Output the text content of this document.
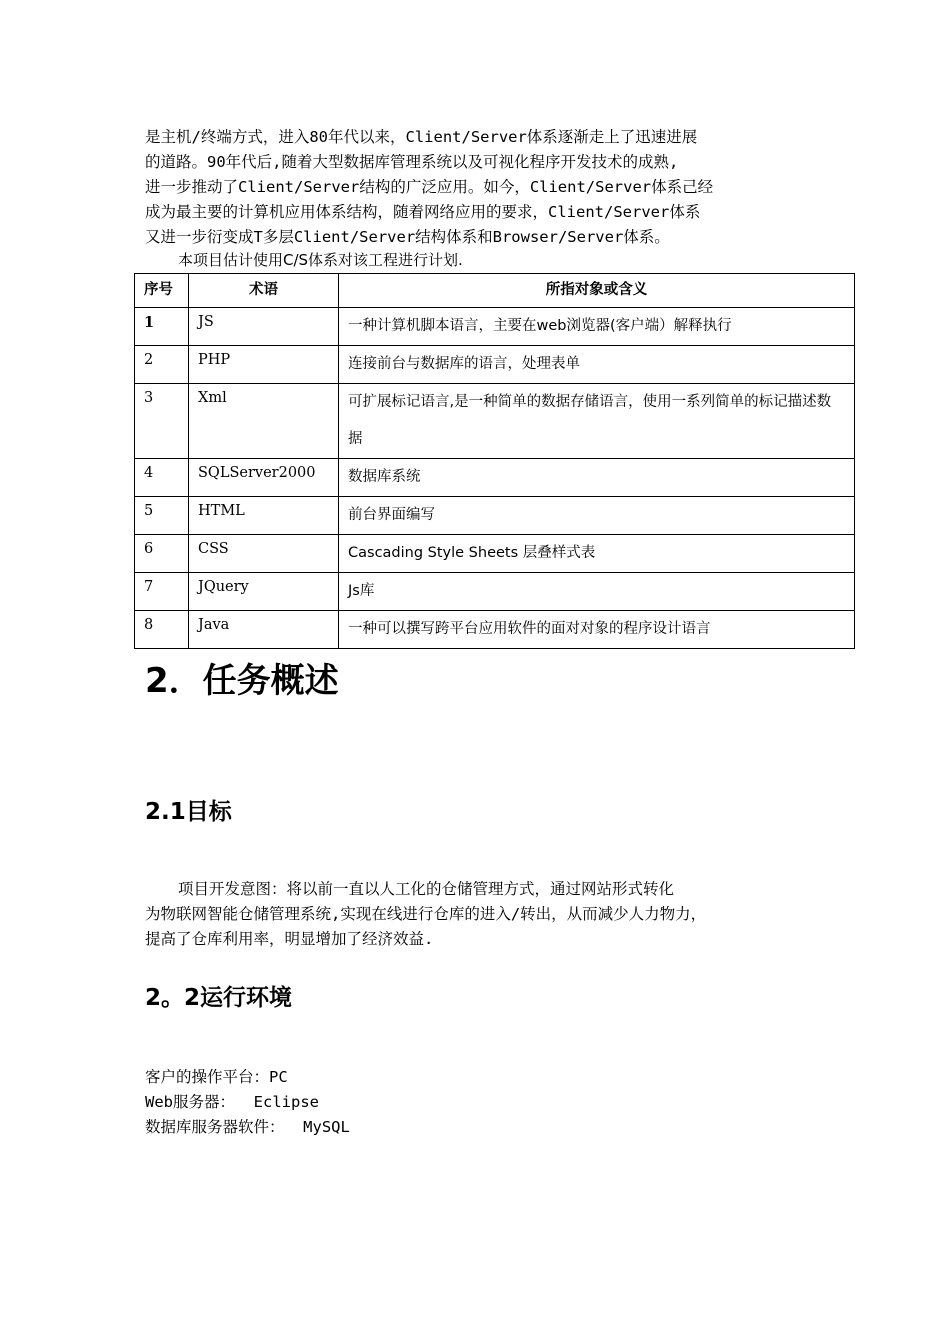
是主机/终端方式，进入80年代以来，Client/Server体系逐渐走上了迅速进展
的道路。90年代后,随着大型数据库管理系统以及可视化程序开发技术的成熟,
进一步推动了Client/Server结构的广泛应用。如今，Client/Server体系己经
成为最主要的计算机应用体系结构，随着网络应用的要求，Client/Server体系
又进一步衍变成T多层Client/Server结构体系和Browser/Server体系。
本项目估计使用C/S体系对该工程进行计划.
序号	术语	所指对象或含义
1	JS	一种计算机脚本语言，主要在web浏览器(客户端）解释执行
2	PHP	连接前台与数据库的语言，处理表单
3	Xml	可扩展标记语言,是一种简单的数据存储语言，使用一系列简单的标记描述数据
4	SQLServer2000	数据库系统
5	HTML	前台界面编写
6	CSS	Cascading Style Sheets 层叠样式表
7	JQuery	Js库
8	Java	一种可以撰写跨平台应用软件的面对对象的程序设计语言
2．任务概述
2.1目标
项目开发意图：将以前一直以人工化的仓储管理方式，通过网站形式转化
为物联网智能仓储管理系统,实现在线进行仓库的进入/转出，从而减少人力物力，
提高了仓库利用率，明显增加了经济效益.
2。2运行环境
客户的操作平台：PC
Web服务器：  Eclipse
数据库服务器软件：  MySQL
